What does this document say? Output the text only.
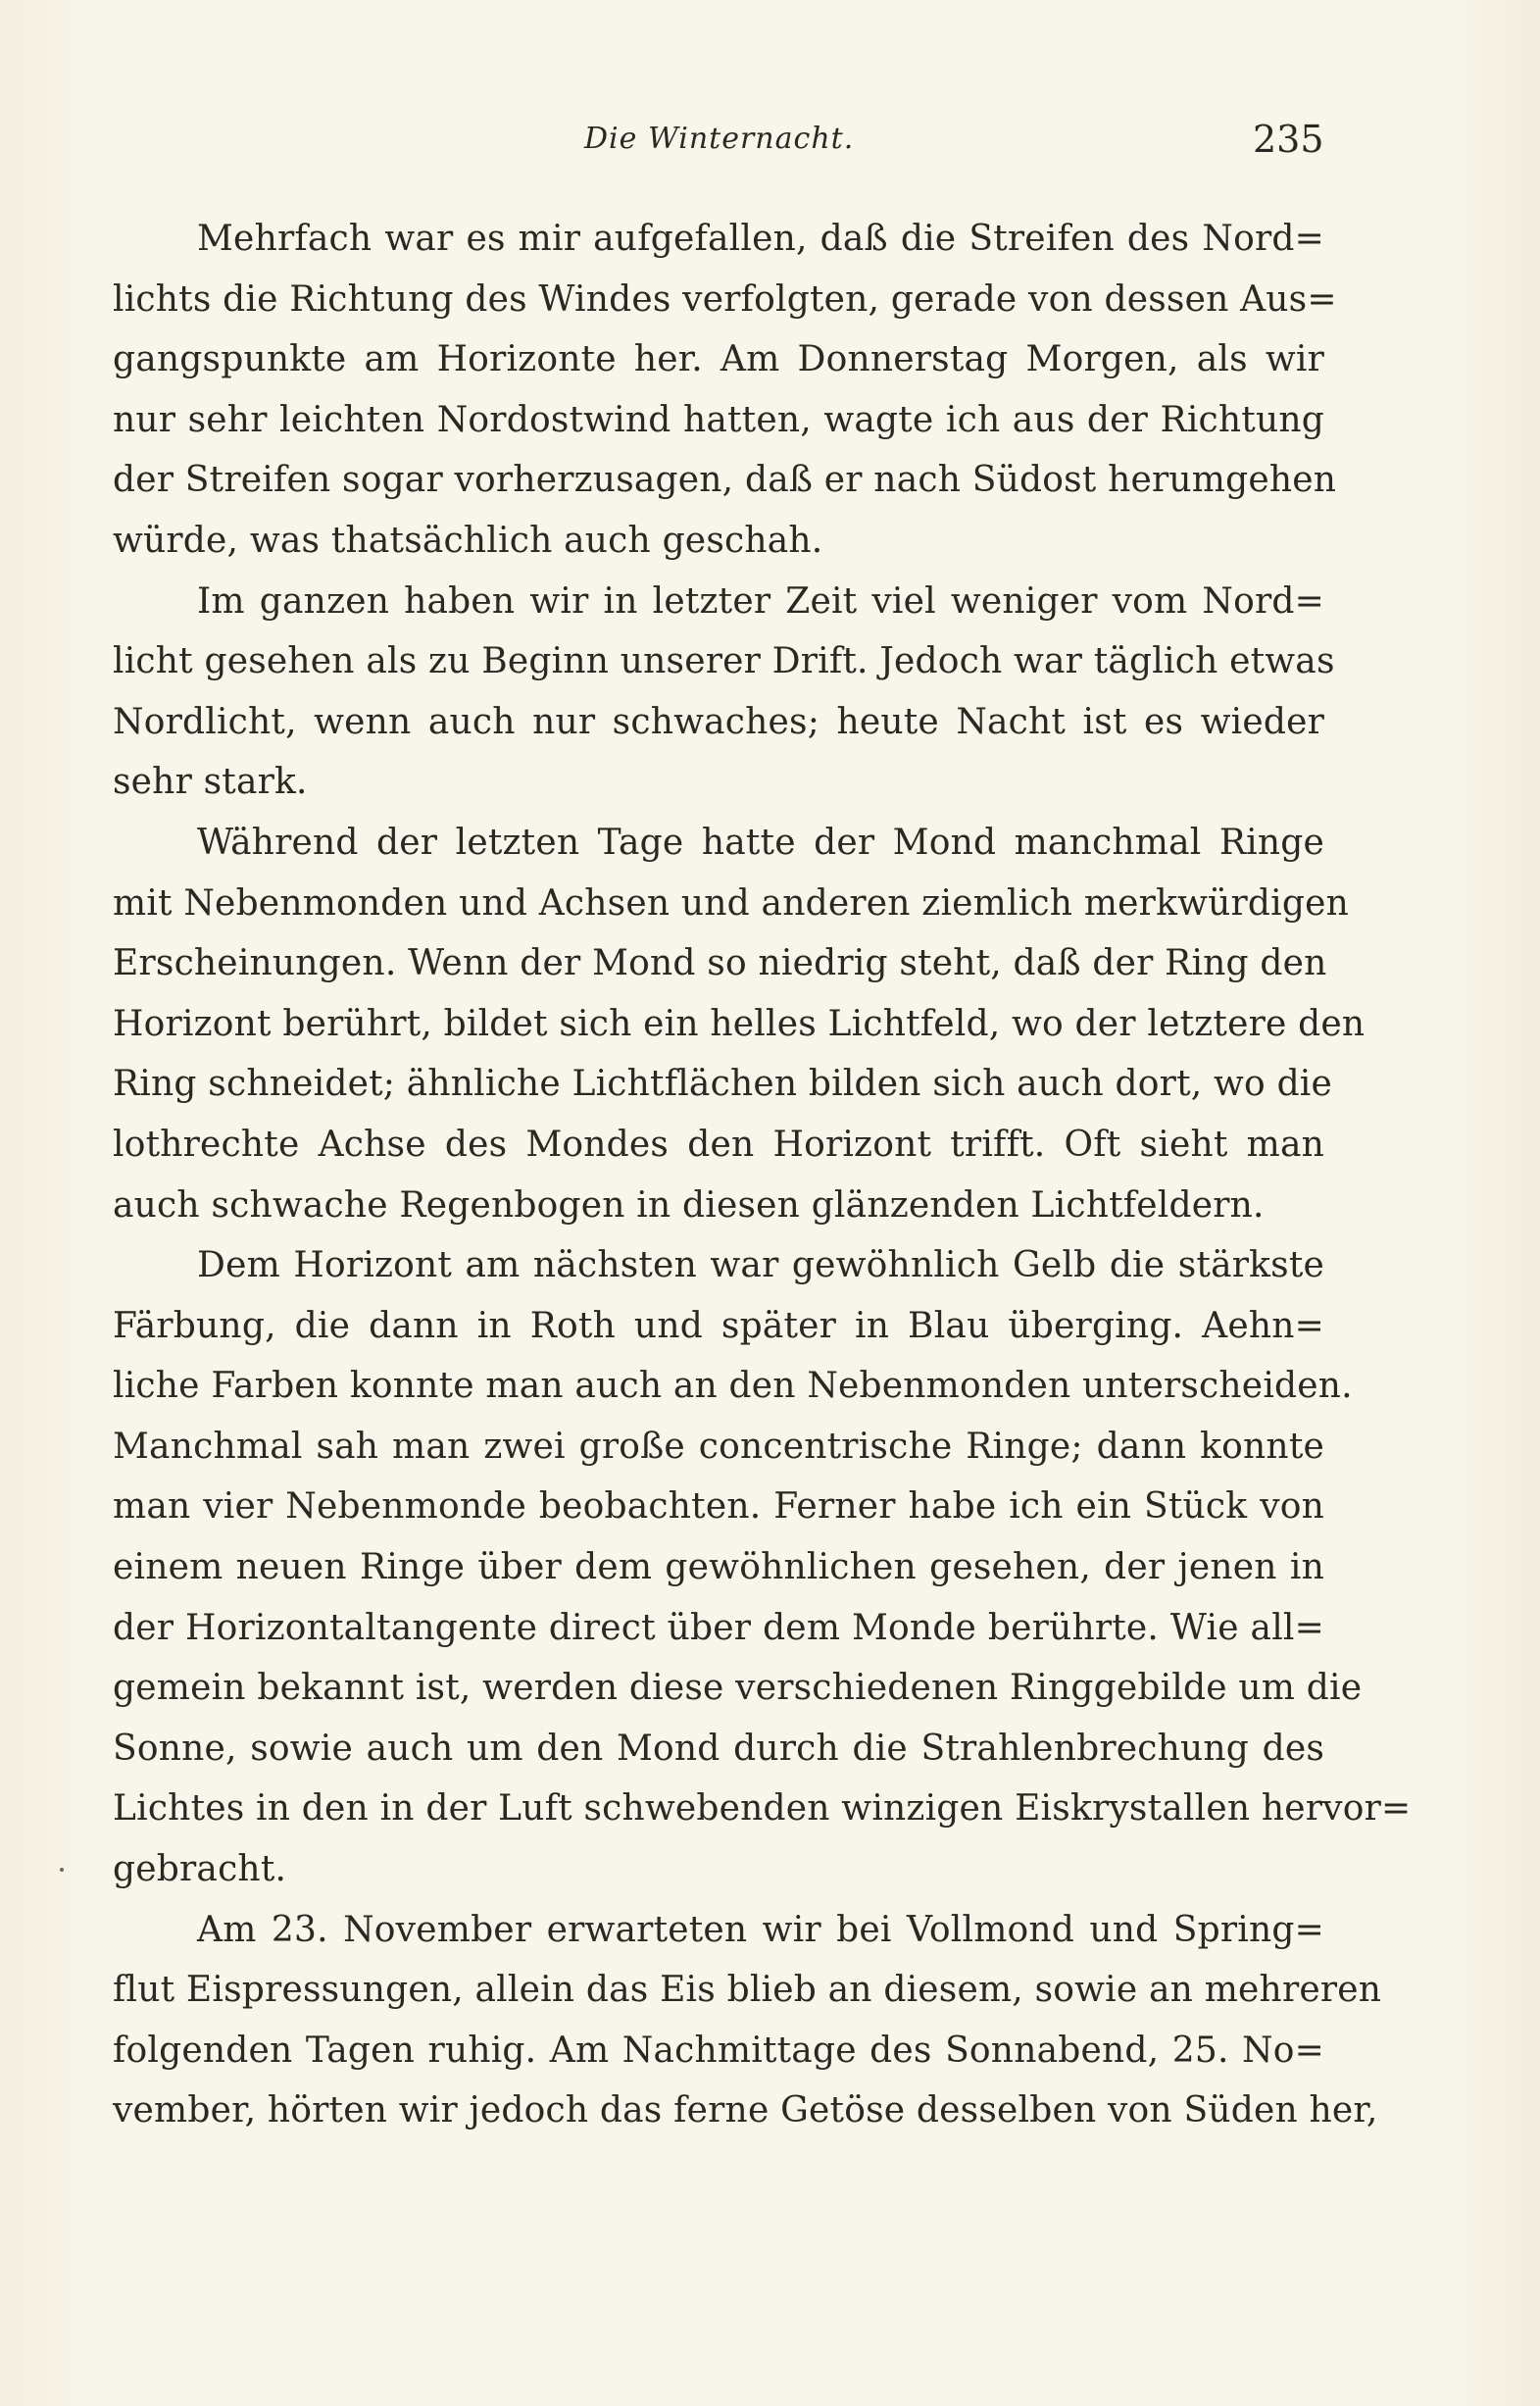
Die Winternacht.	235
Mehrfach war es mir aufgefallen, daß die Streifen des Nord=
lichts die Richtung des Windes verfolgten, gerade von dessen Aus=
gangspunkte am Horizonte her. Am Donnerstag Morgen, als wir
nur sehr leichten Nordostwind hatten, wagte ich aus der Richtung
der Streifen sogar vorherzusagen, daß er nach Südost herumgehen
würde, was thatsächlich auch geschah.
Im ganzen haben wir in letzter Zeit viel weniger vom Nord=
licht gesehen als zu Beginn unserer Drift. Jedoch war täglich etwas
Nordlicht, wenn auch nur schwaches; heute Nacht ist es wieder
sehr stark.
Während der letzten Tage hatte der Mond manchmal Ringe
mit Nebenmonden und Achsen und anderen ziemlich merkwürdigen
Erscheinungen. Wenn der Mond so niedrig steht, daß der Ring den
Horizont berührt, bildet sich ein helles Lichtfeld, wo der letztere den
Ring schneidet; ähnliche Lichtflächen bilden sich auch dort, wo die
lothrechte Achse des Mondes den Horizont trifft. Oft sieht man
auch schwache Regenbogen in diesen glänzenden Lichtfeldern.
Dem Horizont am nächsten war gewöhnlich Gelb die stärkste
Färbung, die dann in Roth und später in Blau überging. Aehn=
liche Farben konnte man auch an den Nebenmonden unterscheiden.
Manchmal sah man zwei große concentrische Ringe; dann konnte
man vier Nebenmonde beobachten. Ferner habe ich ein Stück von
einem neuen Ringe über dem gewöhnlichen gesehen, der jenen in
der Horizontaltangente direct über dem Monde berührte. Wie all=
gemein bekannt ist, werden diese verschiedenen Ringgebilde um die
Sonne, sowie auch um den Mond durch die Strahlenbrechung des
Lichtes in den in der Luft schwebenden winzigen Eiskrystallen hervor=
gebracht.
Am 23. November erwarteten wir bei Vollmond und Spring=
flut Eispressungen, allein das Eis blieb an diesem, sowie an mehreren
folgenden Tagen ruhig. Am Nachmittage des Sonnabend, 25. No=
vember, hörten wir jedoch das ferne Getöse desselben von Süden her,
